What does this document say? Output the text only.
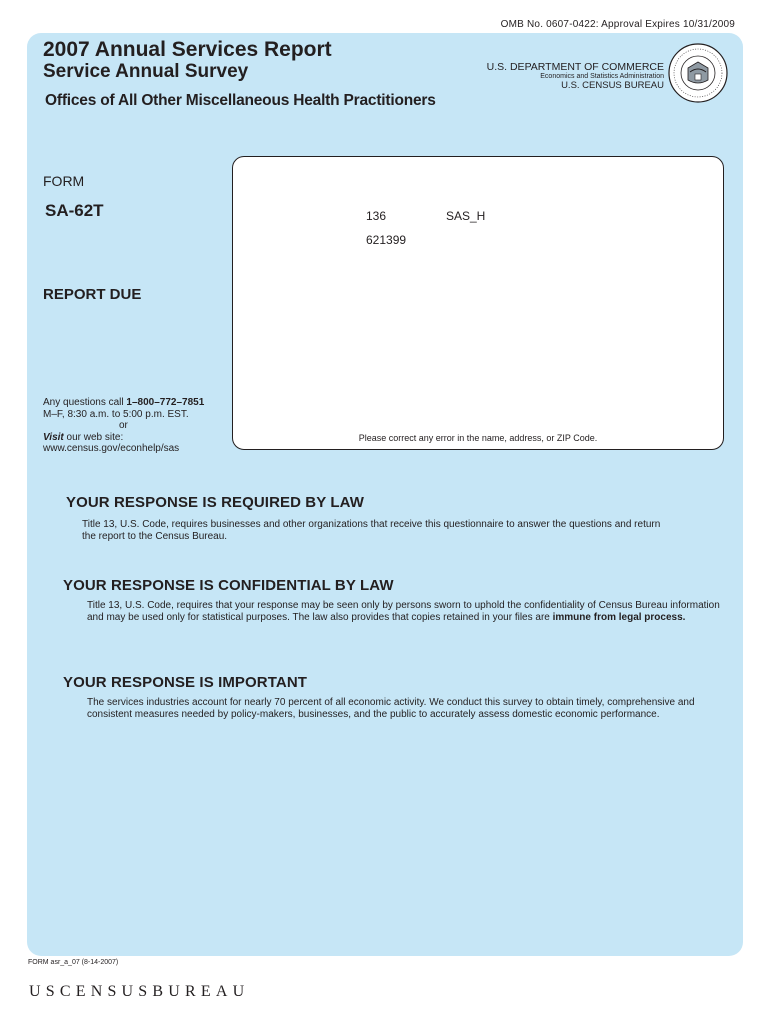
OMB No. 0607-0422: Approval Expires 10/31/2009
2007 Annual Services Report
Service Annual Survey
Offices of All Other Miscellaneous Health Practitioners
U.S. DEPARTMENT OF COMMERCE
Economics and Statistics Administration
U.S. CENSUS BUREAU
FORM
SA-62T
REPORT DUE
Any questions call 1–800–772–7851
M–F, 8:30 a.m. to 5:00 p.m. EST.
or
Visit our web site:
www.census.gov/econhelp/sas
136	SAS_H
621399
Please correct any error in the name, address, or ZIP Code.
YOUR RESPONSE IS REQUIRED BY LAW
Title 13, U.S. Code, requires businesses and other organizations that receive this questionnaire to answer the questions and return the report to the Census Bureau.
YOUR RESPONSE IS CONFIDENTIAL BY LAW
Title 13, U.S. Code, requires that your response may be seen only by persons sworn to uphold the confidentiality of Census Bureau information and may be used only for statistical purposes. The law also provides that copies retained in your files are immune from legal process.
YOUR RESPONSE IS IMPORTANT
The services industries account for nearly 70 percent of all economic activity. We conduct this survey to obtain timely, comprehensive and consistent measures needed by policy-makers, businesses, and the public to accurately assess domestic economic performance.
FORM asr_a_07 (8-14-2007)
USCENSUSBUREAU
